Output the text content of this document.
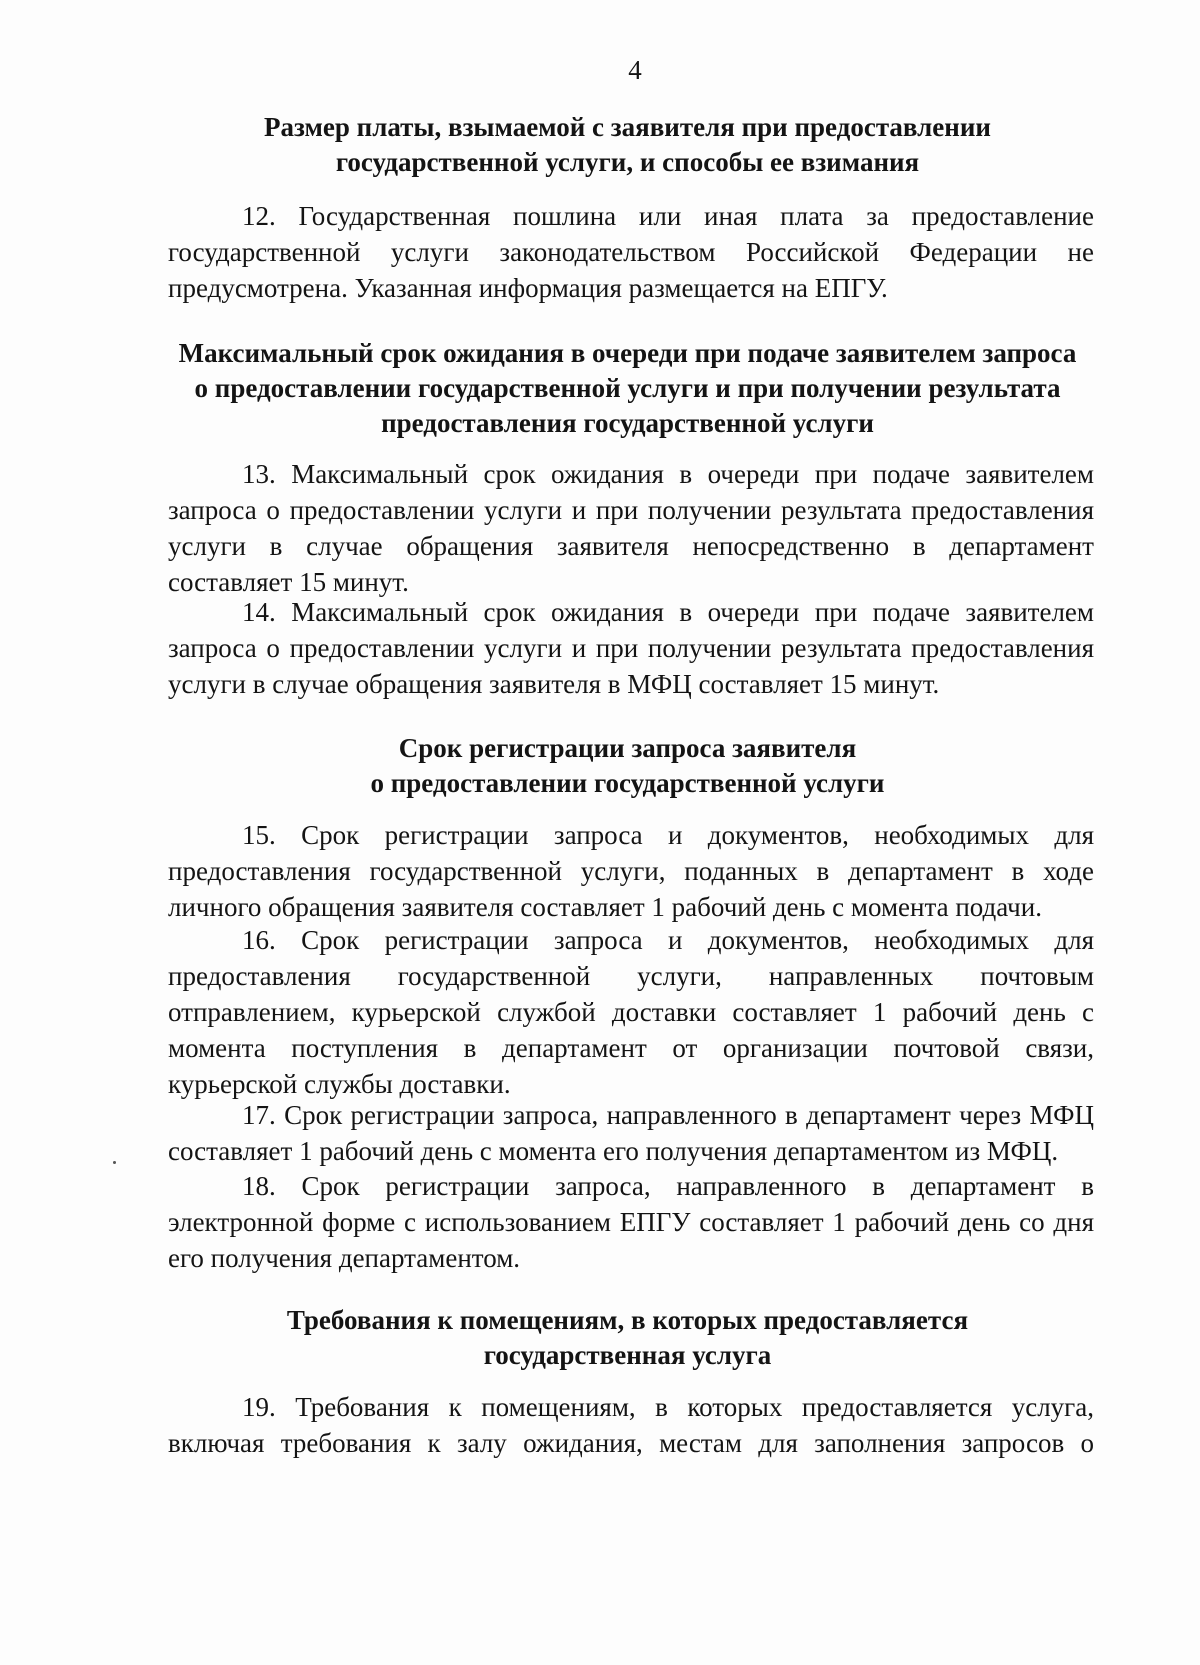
4
Размер платы, взымаемой с заявителя при предоставлении
государственной услуги, и способы ее взимания
12. Государственная пошлина или иная плата за предоставление
государственной услуги законодательством Российской Федерации не
предусмотрена. Указанная информация размещается на ЕПГУ.
Максимальный срок ожидания в очереди при подаче заявителем запроса
о предоставлении государственной услуги и при получении результата
предоставления государственной услуги
13. Максимальный срок ожидания в очереди при подаче заявителем
запроса о предоставлении услуги и при получении результата предоставления
услуги в случае обращения заявителя непосредственно в департамент
составляет 15 минут.
14. Максимальный срок ожидания в очереди при подаче заявителем
запроса о предоставлении услуги и при получении результата предоставления
услуги в случае обращения заявителя в МФЦ составляет 15 минут.
Срок регистрации запроса заявителя
о предоставлении государственной услуги
15. Срок регистрации запроса и документов, необходимых для
предоставления государственной услуги, поданных в департамент в ходе
личного обращения заявителя составляет 1 рабочий день с момента подачи.
16. Срок регистрации запроса и документов, необходимых для
предоставления государственной услуги, направленных почтовым
отправлением, курьерской службой доставки составляет 1 рабочий день с
момента поступления в департамент от организации почтовой связи,
курьерской службы доставки.
17. Срок регистрации запроса, направленного в департамент через МФЦ
составляет 1 рабочий день с момента его получения департаментом из МФЦ.
18. Срок регистрации запроса, направленного в департамент в
электронной форме с использованием ЕПГУ составляет 1 рабочий день со дня
его получения департаментом.
Требования к помещениям, в которых предоставляется
государственная услуга
19. Требования к помещениям, в которых предоставляется услуга,
включая требования к залу ожидания, местам для заполнения запросов о
